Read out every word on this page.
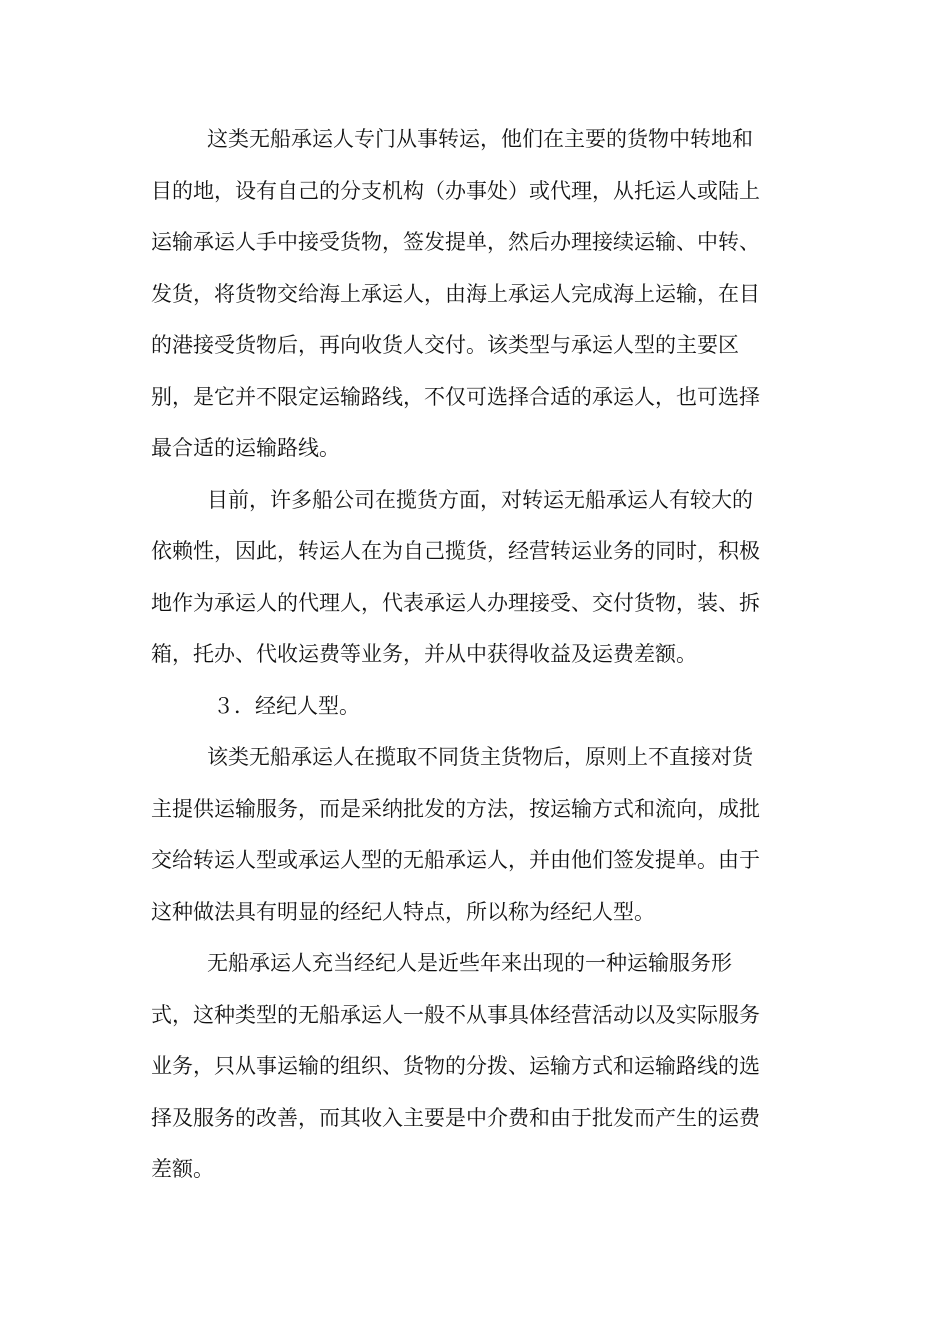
这类无船承运人专门从事转运，他们在主要的货物中转地和
目的地，设有自己的分支机构（办事处）或代理，从托运人或陆上
运输承运人手中接受货物，签发提单，然后办理接续运输、中转、
发货，将货物交给海上承运人，由海上承运人完成海上运输，在目
的港接受货物后，再向收货人交付。该类型与承运人型的主要区
别，是它并不限定运输路线，不仅可选择合适的承运人，也可选择
最合适的运输路线。
目前，许多船公司在揽货方面，对转运无船承运人有较大的
依赖性，因此，转运人在为自己揽货，经营转运业务的同时，积极
地作为承运人的代理人，代表承运人办理接受、交付货物，装、拆
箱，托办、代收运费等业务，并从中获得收益及运费差额。
３．经纪人型。
该类无船承运人在揽取不同货主货物后，原则上不直接对货
主提供运输服务，而是采纳批发的方法，按运输方式和流向，成批
交给转运人型或承运人型的无船承运人，并由他们签发提单。由于
这种做法具有明显的经纪人特点，所以称为经纪人型。
无船承运人充当经纪人是近些年来出现的一种运输服务形
式，这种类型的无船承运人一般不从事具体经营活动以及实际服务
业务，只从事运输的组织、货物的分拨、运输方式和运输路线的选
择及服务的改善，而其收入主要是中介费和由于批发而产生的运费
差额。
